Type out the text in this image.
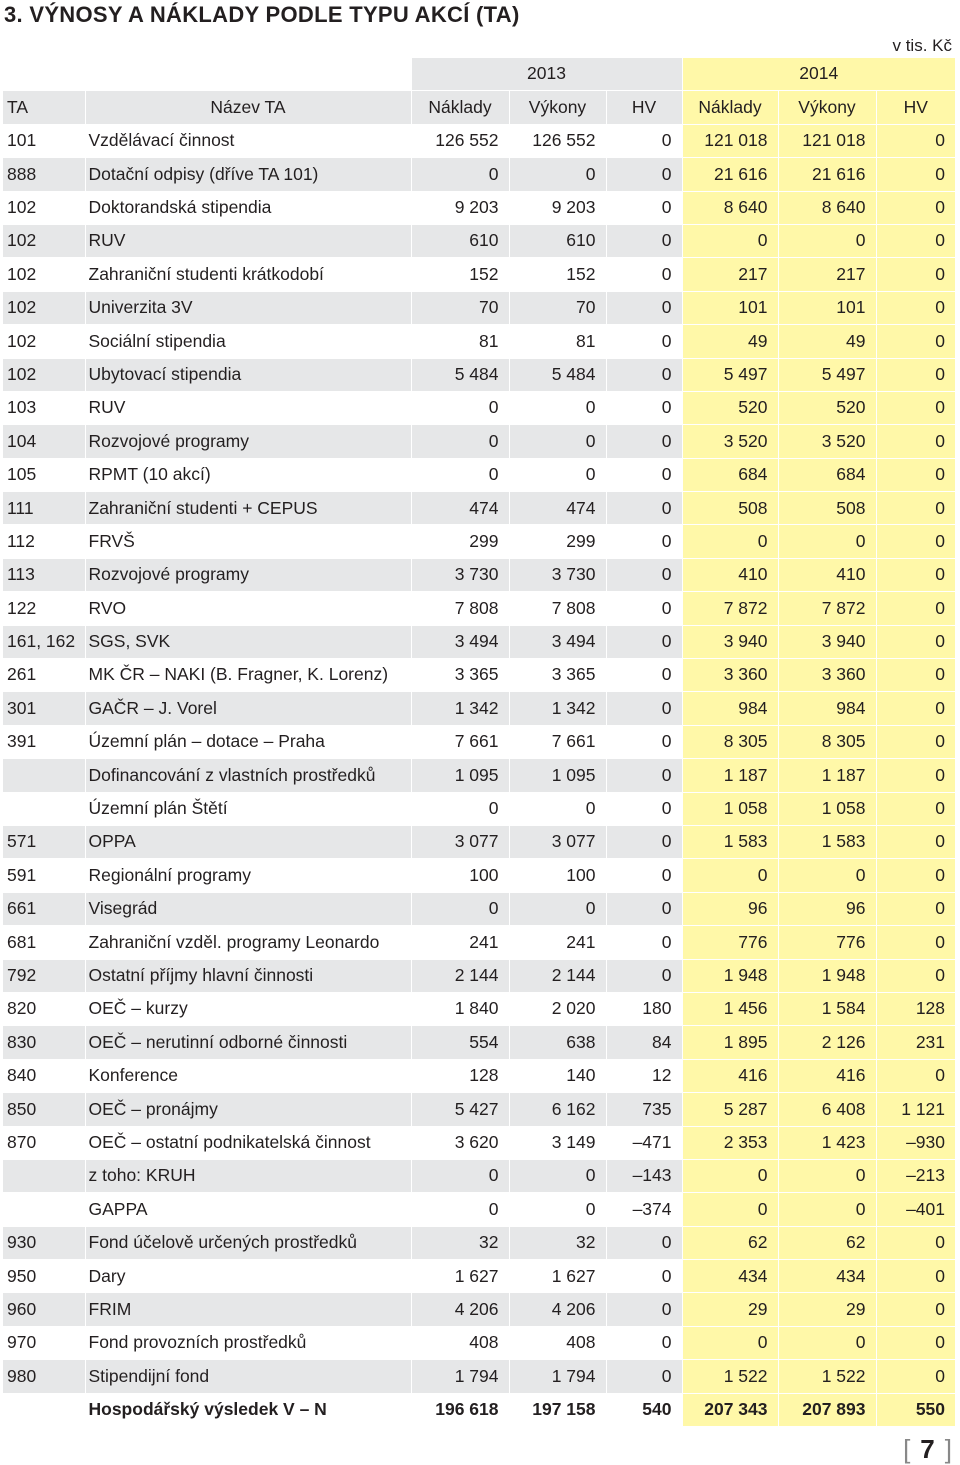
3. VÝNOSY A NÁKLADY PODLE TYPU AKCÍ (TA)
v tis. Kč
		2013			2014		
TA	Název TA	Náklady	Výkony	HV	Náklady	Výkony	HV
101	Vzdělávací činnost	126 552	126 552	0	121 018	121 018	0
888	Dotační odpisy (dříve TA 101)	0	0	0	21 616	21 616	0
102	Doktorandská stipendia	9 203	9 203	0	8 640	8 640	0
102	RUV	610	610	0	0	0	0
102	Zahraniční studenti krátkodobí	152	152	0	217	217	0
102	Univerzita 3V	70	70	0	101	101	0
102	Sociální stipendia	81	81	0	49	49	0
102	Ubytovací stipendia	5 484	5 484	0	5 497	5 497	0
103	RUV	0	0	0	520	520	0
104	Rozvojové programy	0	0	0	3 520	3 520	0
105	RPMT (10 akcí)	0	0	0	684	684	0
111	Zahraniční studenti + CEPUS	474	474	0	508	508	0
112	FRVŠ	299	299	0	0	0	0
113	Rozvojové programy	3 730	3 730	0	410	410	0
122	RVO	7 808	7 808	0	7 872	7 872	0
161, 162	SGS, SVK	3 494	3 494	0	3 940	3 940	0
261	MK ČR – NAKI (B. Fragner, K. Lorenz)	3 365	3 365	0	3 360	3 360	0
301	GAČR – J. Vorel	1 342	1 342	0	984	984	0
391	Územní plán – dotace – Praha	7 661	7 661	0	8 305	8 305	0
	Dofinancování z vlastních prostředků	1 095	1 095	0	1 187	1 187	0
	Územní plán Štětí	0	0	0	1 058	1 058	0
571	OPPA	3 077	3 077	0	1 583	1 583	0
591	Regionální programy	100	100	0	0	0	0
661	Visegrád	0	0	0	96	96	0
681	Zahraniční vzděl. programy Leonardo	241	241	0	776	776	0
792	Ostatní příjmy hlavní činnosti	2 144	2 144	0	1 948	1 948	0
820	OEČ – kurzy	1 840	2 020	180	1 456	1 584	128
830	OEČ – nerutinní odborné činnosti	554	638	84	1 895	2 126	231
840	Konference	128	140	12	416	416	0
850	OEČ – pronájmy	5 427	6 162	735	5 287	6 408	1 121
870	OEČ – ostatní podnikatelská činnost	3 620	3 149	–471	2 353	1 423	–930
	z toho: KRUH	0	0	–143	0	0	–213
	GAPPA	0	0	–374	0	0	–401
930	Fond účelově určených prostředků	32	32	0	62	62	0
950	Dary	1 627	1 627	0	434	434	0
960	FRIM	4 206	4 206	0	29	29	0
970	Fond provozních prostředků	408	408	0	0	0	0
980	Stipendijní fond	1 794	1 794	0	1 522	1 522	0
	Hospodářský výsledek V – N	196 618	197 158	540	207 343	207 893	550
[ 7 ]
